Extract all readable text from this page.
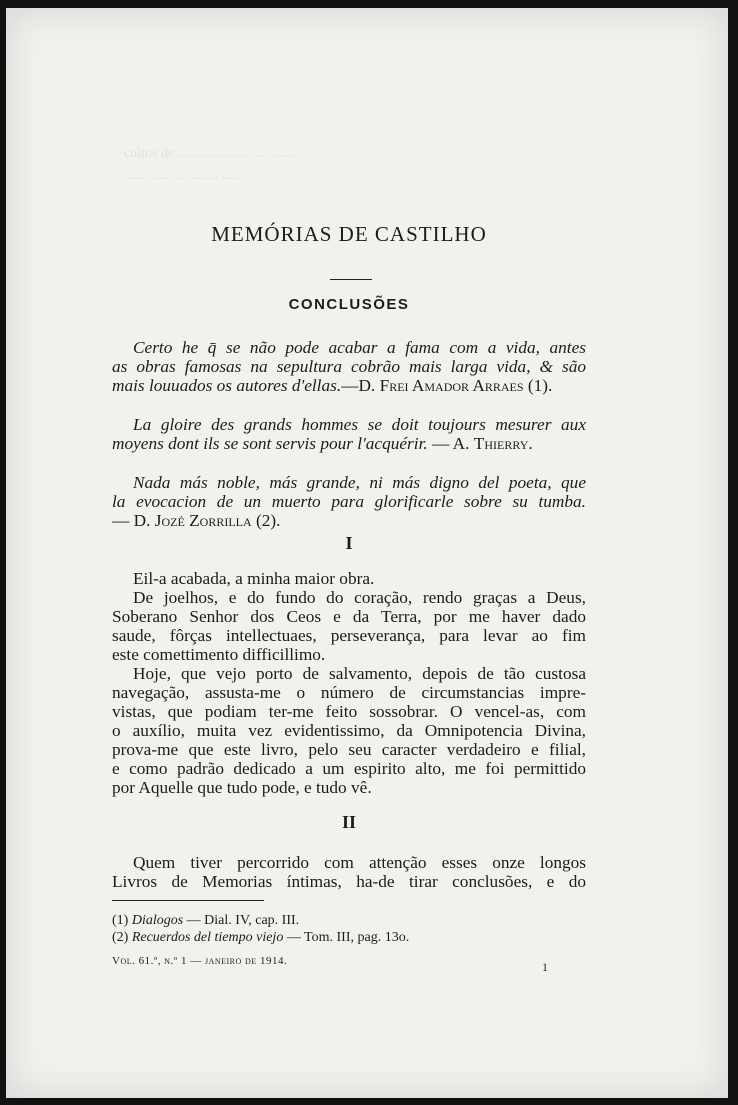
· · ·
cultos de ...... ........ .... ..... ......
...... ....... ... ........ ......
MEMÓRIAS DE CASTILHO
CONCLUSÕES
Certo he q̄ se não pode acabar a fama com a vida, antes
as obras famosas na sepultura cobrão mais larga vida, & são
mais louuados os autores d'ellas.—D. Frei Amador Arraes (1).
La gloire des grands hommes se doit toujours mesurer aux
moyens dont ils se sont servis pour l'acquérir. — A. Thierry.
Nada más noble, más grande, ni más digno del poeta, que
la evocacion de un muerto para glorificarle sobre su tumba.
— D. Jozé Zorrilla (2).
I
Eil-a acabada, a minha maior obra.
De joelhos, e do fundo do coração, rendo graças a Deus,
Soberano Senhor dos Ceos e da Terra, por me haver dado
saude, fôrças intellectuaes, perseverança, para levar ao fim
este comettimento difficillimo.
Hoje, que vejo porto de salvamento, depois de tão custosa
navegação, assusta-me o número de circumstancias impre-
vistas, que podiam ter-me feito sossobrar. O vencel-as, com
o auxílio, muita vez evidentissimo, da Omnipotencia Divina,
prova-me que este livro, pelo seu caracter verdadeiro e filial,
e como padrão dedicado a um espirito alto, me foi permittido
por Aquelle que tudo pode, e tudo vê.
II
Quem tiver percorrido com attenção esses onze longos
Livros de Memorias íntimas, ha-de tirar conclusões, e do
(1) Dialogos — Dial. IV, cap. III.
(2) Recuerdos del tiempo viejo — Tom. III, pag. 13o.
Vol. 61.º, n.º 1 — janeiro de 1914.	1
